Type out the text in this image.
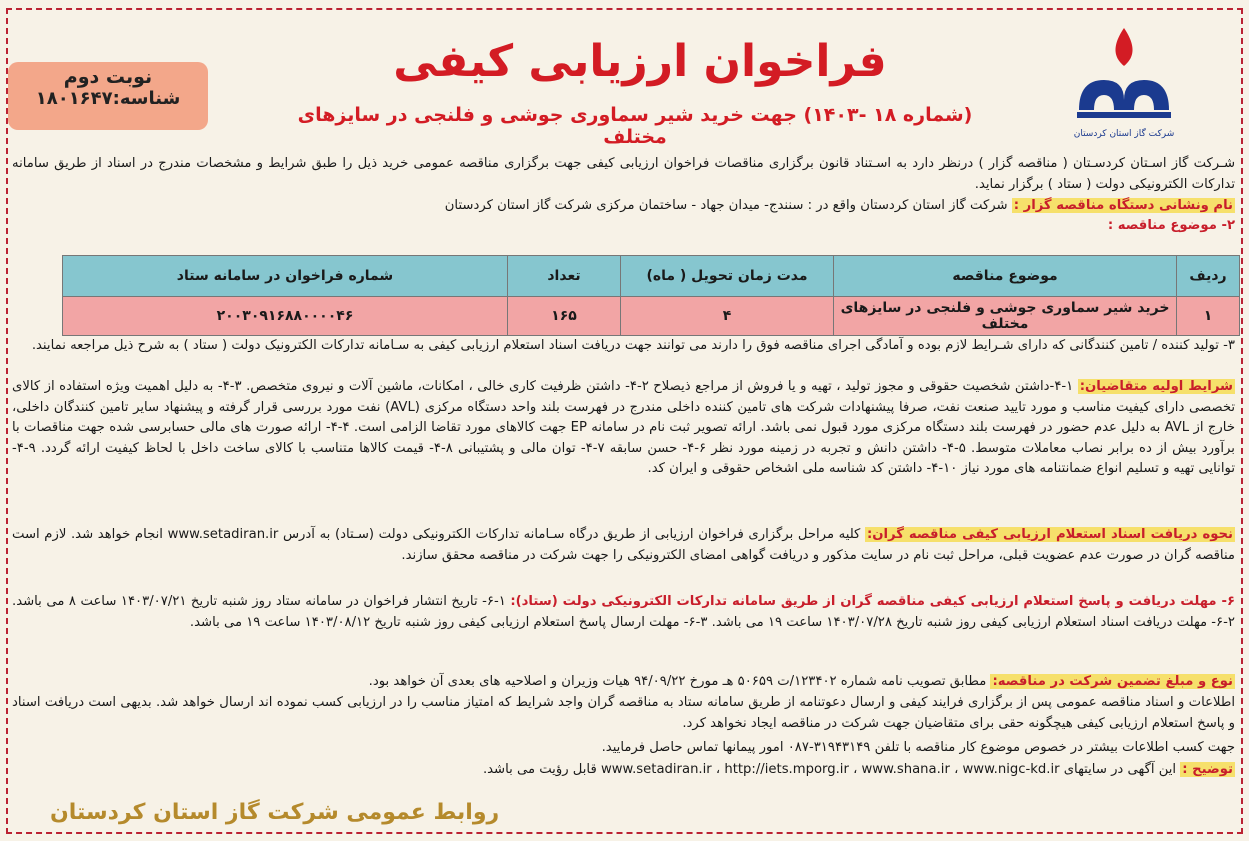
نوبت دوم
شناسه:۱۸۰۱۶۴۷
شرکت گاز استان کردستان
فراخوان ارزیابی کیفی
(شماره ۱۸ -۱۴۰۳) جهت خرید شیر سماوری جوشی و فلنجی در سایزهای مختلف
شـرکت گاز اسـتان کردسـتان ( مناقصه گزار ) درنظر دارد به اسـتناد قانون برگزاری مناقصات فراخوان ارزیابی کیفی جهت برگزاری مناقصه عمومی خرید ذیل را طبق شرایط و مشخصات مندرج در اسناد از طریق سامانه تدارکات الکترونیکی دولت ( ستاد ) برگزار نماید.
نام ونشانی دستگاه مناقصه گزار : شرکت گاز استان کردستان واقع در : سنندج- میدان جهاد - ساختمان مرکزی شرکت گاز استان کردستان
۲- موضوع مناقصه :
ردیف	موضوع مناقصه	مدت زمان تحویل ( ماه)	تعداد	شماره فراخوان در سامانه ستاد
۱	خرید شیر سماوری جوشی و فلنجی در سایزهای مختلف	۴	۱۶۵	۲۰۰۳۰۹۱۶۸۸۰۰۰۰۴۶
۳- تولید کننده / تامین کنندگانی که دارای شـرایط لازم بوده و آمادگی اجرای مناقصه فوق را دارند می توانند جهت دریافت اسناد استعلام ارزیابی کیفی به سـامانه تدارکات الکترونیک دولت ( ستاد ) به شرح ذیل مراجعه نمایند.
شرایط اولیه متقاضیان: ۱-۴-داشتن شخصیت حقوقی و مجوز تولید ، تهیه و یا فروش از مراجع ذیصلاح ۲-۴- داشتن ظرفیت کاری خالی ، امکانات، ماشین آلات و نیروی متخصص. ۳-۴- به دلیل اهمیت ویژه استفاده از کالای تخصصی دارای کیفیت مناسب و مورد تایید صنعت نفت، صرفا پیشنهادات شرکت های تامین کننده داخلی مندرج در فهرست بلند واحد دستگاه مرکزی (AVL) نفت مورد بررسی قرار گرفته و پیشنهاد سایر تامین کنندگان داخلی، خارج از AVL به دلیل عدم حضور در فهرست بلند دستگاه مرکزی مورد قبول نمی باشد. ارائه تصویر ثبت نام در سامانه EP جهت کالاهای مورد تقاضا الزامی است. ۴-۴- ارائه صورت های مالی حسابرسی شده جهت مناقصات با برآورد بیش از ده برابر نصاب معاملات متوسط. ۵-۴- داشتن دانش و تجربه در زمینه مورد نظر ۶-۴- حسن سابقه ۷-۴- توان مالی و پشتیبانی ۸-۴- قیمت کالاها متناسب با کالای ساخت داخل با لحاظ کیفیت ارائه گردد. ۹-۴- توانایی تهیه و تسلیم انواع ضمانتنامه های مورد نیاز ۱۰-۴- داشتن کد شناسه ملی اشخاص حقوقی و ایران کد.
نحوه دریافت اسناد استعلام ارزیابی کیفی مناقصه گران: کلیه مراحل برگزاری فراخوان ارزیابی از طریق درگاه سـامانه تدارکات الکترونیکی دولت (سـتاد) به آدرس www.setadiran.ir انجام خواهد شد. لازم است مناقصه گران در صورت عدم عضویت قبلی، مراحل ثبت نام در سایت مذکور و دریافت گواهی امضای الکترونیکی را جهت شرکت در مناقصه محقق سازند.
۶- مهلت دریافت و پاسخ استعلام ارزیابی کیفی مناقصه گران از طریق سامانه تدارکات الکترونیکی دولت (ستاد): ۱-۶- تاریخ انتشار فراخوان در سامانه ستاد روز شنبه تاریخ ۱۴۰۳/۰۷/۲۱ ساعت ۸ می باشد. ۲-۶- مهلت دریافت اسناد استعلام ارزیابی کیفی روز شنبه تاریخ ۱۴۰۳/۰۷/۲۸ ساعت ۱۹ می باشد. ۳-۶- مهلت ارسال پاسخ استعلام ارزیابی کیفی روز شنبه تاریخ ۱۴۰۳/۰۸/۱۲ ساعت ۱۹ می باشد.
نوع و مبلغ تضمین شرکت در مناقصه: مطابق تصویب نامه شماره ۱۲۳۴۰۲/ت ۵۰۶۵۹ هـ مورخ ۹۴/۰۹/۲۲ هیات وزیران و اصلاحیه های بعدی آن خواهد بود.
اطلاعات و اسناد مناقصه عمومی پس از برگزاری فرایند کیفی و ارسال دعوتنامه از طریق سامانه ستاد به مناقصه گران واجد شرایط که امتیاز مناسب را در ارزیابی کسب نموده اند ارسال خواهد شد. بدیهی است دریافت اسناد و پاسخ استعلام ارزیابی کیفی هیچگونه حقی برای متقاضیان جهت شرکت در مناقصه ایجاد نخواهد کرد.
جهت کسب اطلاعات بیشتر در خصوص موضوع کار مناقصه با تلفن ۳۱۹۴۳۱۴۹-۰۸۷ امور پیمانها تماس حاصل فرمایید.
توضیح : این آگهی در سایتهای www.setadiran.ir ، http://iets.mporg.ir ، www.shana.ir ، www.nigc-kd.ir قابل رؤیت می باشد.
روابط عمومی شرکت گاز استان کردستان
